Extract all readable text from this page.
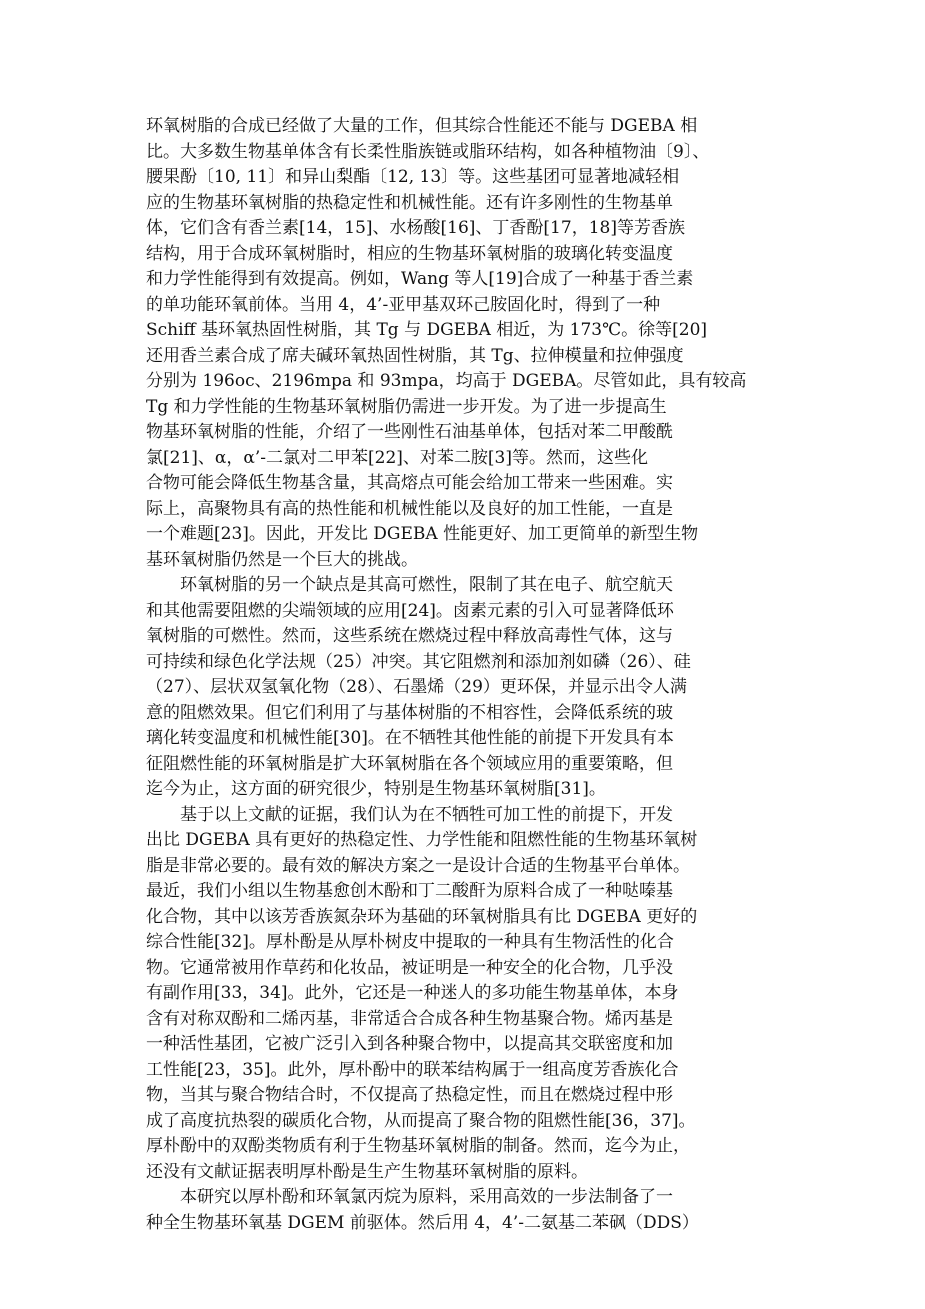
环氧树脂的合成已经做了大量的工作，但其综合性能还不能与 DGEBA 相
比。大多数生物基单体含有长柔性脂族链或脂环结构，如各种植物油〔9〕、
腰果酚〔10, 11〕和异山梨酯〔12, 13〕等。这些基团可显著地减轻相
应的生物基环氧树脂的热稳定性和机械性能。还有许多刚性的生物基单
体，它们含有香兰素[14，15]、水杨酸[16]、丁香酚[17，18]等芳香族
结构，用于合成环氧树脂时，相应的生物基环氧树脂的玻璃化转变温度
和力学性能得到有效提高。例如，Wang 等人[19]合成了一种基于香兰素
的单功能环氧前体。当用 4，4’-亚甲基双环己胺固化时，得到了一种
Schiff 基环氧热固性树脂，其 Tg 与 DGEBA 相近，为 173℃。徐等[20]
还用香兰素合成了席夫碱环氧热固性树脂，其 Tg、拉伸模量和拉伸强度
分别为 196oc、2196mpa 和 93mpa，均高于 DGEBA。尽管如此，具有较高
Tg 和力学性能的生物基环氧树脂仍需进一步开发。为了进一步提高生
物基环氧树脂的性能，介绍了一些刚性石油基单体，包括对苯二甲酸酰
氯[21]、α，α’-二氯对二甲苯[22]、对苯二胺[3]等。然而，这些化
合物可能会降低生物基含量，其高熔点可能会给加工带来一些困难。实
际上，高聚物具有高的热性能和机械性能以及良好的加工性能，一直是
一个难题[23]。因此，开发比 DGEBA 性能更好、加工更简单的新型生物
基环氧树脂仍然是一个巨大的挑战。
　　环氧树脂的另一个缺点是其高可燃性，限制了其在电子、航空航天
和其他需要阻燃的尖端领域的应用[24]。卤素元素的引入可显著降低环
氧树脂的可燃性。然而，这些系统在燃烧过程中释放高毒性气体，这与
可持续和绿色化学法规（25）冲突。其它阻燃剂和添加剂如磷（26）、硅
（27）、层状双氢氧化物（28）、石墨烯（29）更环保，并显示出令人满
意的阻燃效果。但它们利用了与基体树脂的不相容性，会降低系统的玻
璃化转变温度和机械性能[30]。在不牺牲其他性能的前提下开发具有本
征阻燃性能的环氧树脂是扩大环氧树脂在各个领域应用的重要策略，但
迄今为止，这方面的研究很少，特别是生物基环氧树脂[31]。
　　基于以上文献的证据，我们认为在不牺牲可加工性的前提下，开发
出比 DGEBA 具有更好的热稳定性、力学性能和阻燃性能的生物基环氧树
脂是非常必要的。最有效的解决方案之一是设计合适的生物基平台单体。
最近，我们小组以生物基愈创木酚和丁二酸酐为原料合成了一种哒嗪基
化合物，其中以该芳香族氮杂环为基础的环氧树脂具有比 DGEBA 更好的
综合性能[32]。厚朴酚是从厚朴树皮中提取的一种具有生物活性的化合
物。它通常被用作草药和化妆品，被证明是一种安全的化合物，几乎没
有副作用[33，34]。此外，它还是一种迷人的多功能生物基单体，本身
含有对称双酚和二烯丙基，非常适合合成各种生物基聚合物。烯丙基是
一种活性基团，它被广泛引入到各种聚合物中，以提高其交联密度和加
工性能[23，35]。此外，厚朴酚中的联苯结构属于一组高度芳香族化合
物，当其与聚合物结合时，不仅提高了热稳定性，而且在燃烧过程中形
成了高度抗热裂的碳质化合物，从而提高了聚合物的阻燃性能[36，37]。
厚朴酚中的双酚类物质有利于生物基环氧树脂的制备。然而，迄今为止，
还没有文献证据表明厚朴酚是生产生物基环氧树脂的原料。
　　本研究以厚朴酚和环氧氯丙烷为原料，采用高效的一步法制备了一
种全生物基环氧基 DGEM 前驱体。然后用 4，4’-二氨基二苯砜（DDS）
